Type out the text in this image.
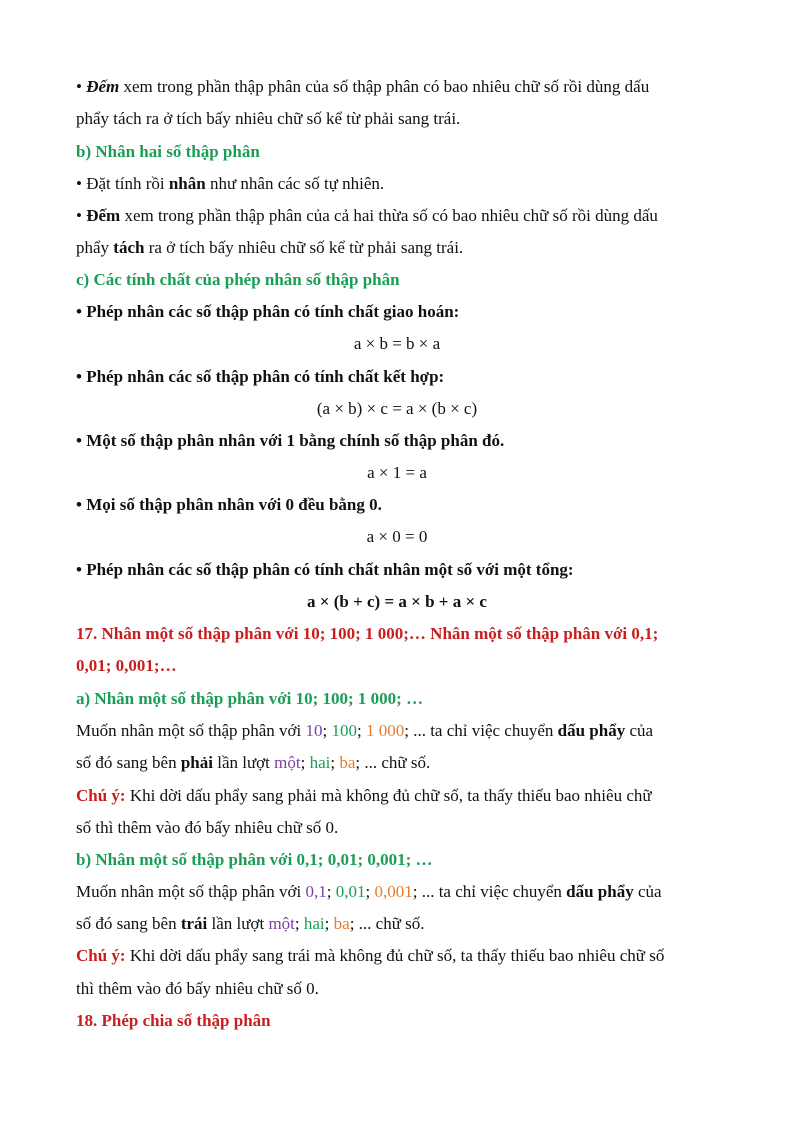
• Đếm xem trong phần thập phân của số thập phân có bao nhiêu chữ số rồi dùng dấu
phẩy tách ra ở tích bấy nhiêu chữ số kể từ phải sang trái.
b) Nhân hai số thập phân
• Đặt tính rồi nhân như nhân các số tự nhiên.
• Đếm xem trong phần thập phân của cả hai thừa số có bao nhiêu chữ số rồi dùng dấu
phẩy tách ra ở tích bấy nhiêu chữ số kể từ phải sang trái.
c) Các tính chất của phép nhân số thập phân
• Phép nhân các số thập phân có tính chất giao hoán:
a × b = b × a
• Phép nhân các số thập phân có tính chất kết hợp:
(a × b) × c = a × (b × c)
• Một số thập phân nhân với 1 bằng chính số thập phân đó.
a × 1 = a
• Mọi số thập phân nhân với 0 đều bằng 0.
a × 0 = 0
• Phép nhân các số thập phân có tính chất nhân một số với một tổng:
a × (b + c) = a × b + a × c
17. Nhân một số thập phân với 10; 100; 1 000;… Nhân một số thập phân với 0,1;
0,01; 0,001;…
a) Nhân một số thập phân với 10; 100; 1 000; …
Muốn nhân một số thập phân với 10; 100; 1 000; ... ta chỉ việc chuyển dấu phẩy của
số đó sang bên phải lần lượt một; hai; ba; ... chữ số.
Chú ý: Khi dời dấu phẩy sang phải mà không đủ chữ số, ta thấy thiếu bao nhiêu chữ
số thì thêm vào đó bấy nhiêu chữ số 0.
b) Nhân một số thập phân với 0,1; 0,01; 0,001; …
Muốn nhân một số thập phân với 0,1; 0,01; 0,001; ... ta chỉ việc chuyển dấu phẩy của
số đó sang bên trái lần lượt một; hai; ba; ... chữ số.
Chú ý: Khi dời dấu phẩy sang trái mà không đủ chữ số, ta thấy thiếu bao nhiêu chữ số
thì thêm vào đó bấy nhiêu chữ số 0.
18. Phép chia số thập phân
